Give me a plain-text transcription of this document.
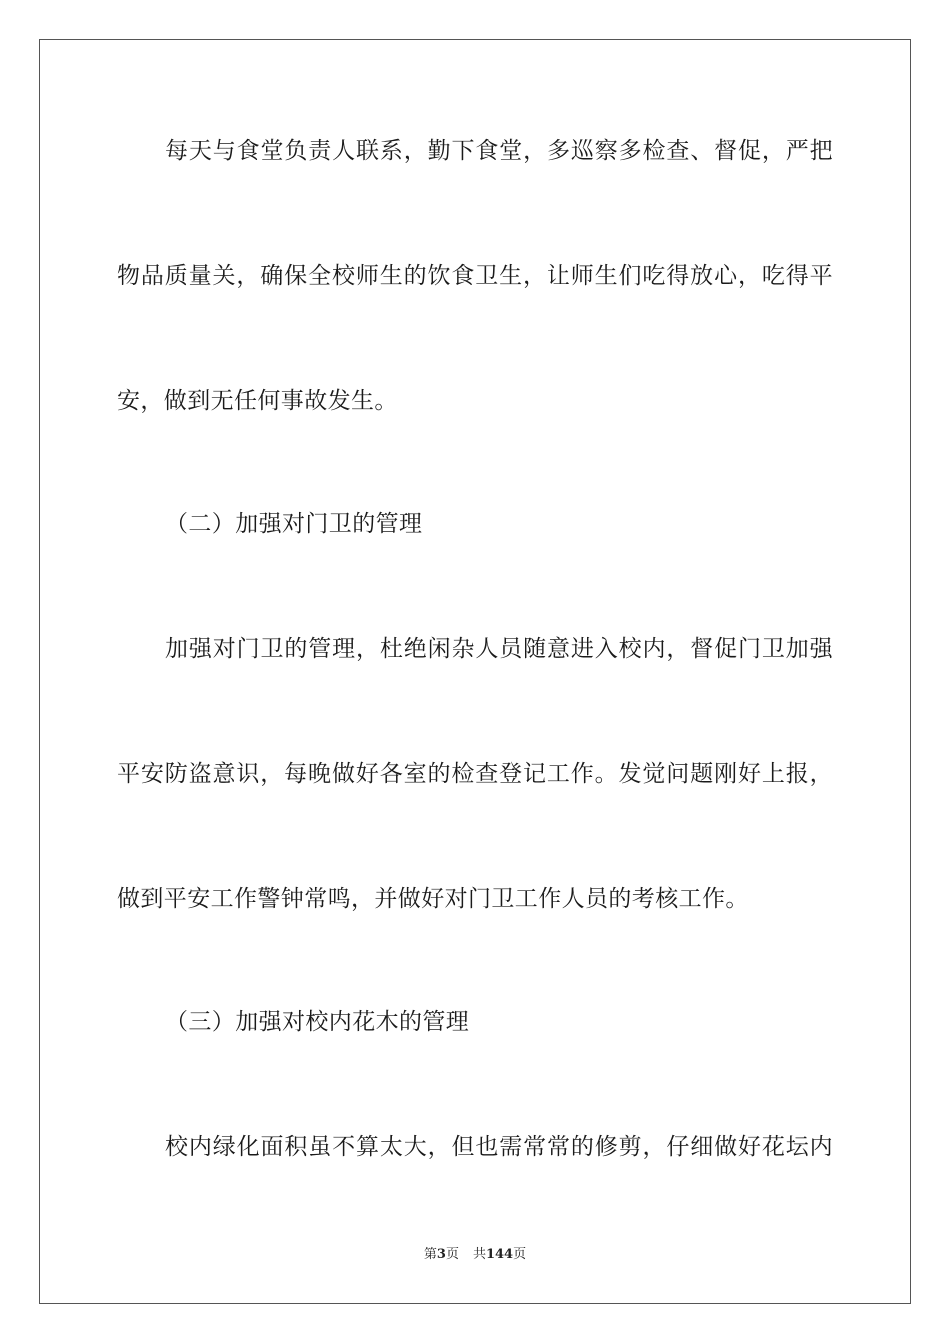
每天与食堂负责人联系，勤下食堂，多巡察多检查、督促，严把
物品质量关，确保全校师生的饮食卫生，让师生们吃得放心，吃得平
安，做到无任何事故发生。
（二）加强对门卫的管理
加强对门卫的管理，杜绝闲杂人员随意进入校内，督促门卫加强
平安防盗意识，每晚做好各室的检查登记工作。发觉问题刚好上报，
做到平安工作警钟常鸣，并做好对门卫工作人员的考核工作。
（三）加强对校内花木的管理
校内绿化面积虽不算太大，但也需常常的修剪，仔细做好花坛内
第3页 共144页
